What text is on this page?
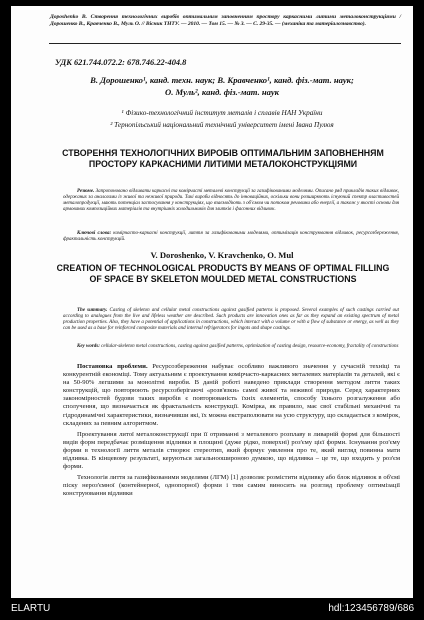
Дороshenko В. Створення технологічних виробів оптимальним заповненням простору каркасними литими металоконструкціями / Дорошенко В., Кравченко В., Муль О. // Вісник ТНТУ. — 2010. — Том 15. — № 3. — С. 29-35. — (механіка та матеріалознавство).
УДК 621.744.072.2: 678.746.22-404.8
В. Дорошенко¹, канд. техн. наук; В. Кравченко¹, канд. фіз.-мат. наук;
О. Муль², канд. фіз.-мат. наук
¹ Фізико-технологічний інститут металів і сплавів НАН України
² Тернопільський національний технічний університет імені Івана Пулюя
СТВОРЕННЯ ТЕХНОЛОГІЧНИХ ВИРОБІВ ОПТИМАЛЬНИМ ЗАПОВНЕННЯМ ПРОСТОРУ КАРКАСНИМИ ЛИТИМИ МЕТАЛОКОНСТРУКЦІЯМИ
Резюме. Запропоновано відливати каркасні та комірчасті металеві конструкції за газифікованими моделями. Описано ряд прикладів таких відливок, одержаних за аналогами із живої та неживої природи. Такі вироби відносять до інноваційних, оскільки вони розширюють існуючий спектр властивостей металопродукції, мають потенціал застосування у конструкціях, що взаємодіють з об'ємом чи потоком речовини або енергії, а також у якості основи для армованих композиційних матеріалів та внутрішніх холодильників для злитків і фасонних відливок.
Ключові слова: комірчасто-каркасні конструкції, лиття за газифікованими моделями, оптимізація конструювання відливок, ресурсозбереження, фрактальність конструкцій.
V. Doroshenko, V. Kravchenko, O. Mul
CREATION OF TECHNOLOGICAL PRODUCTS BY MEANS OF OPTIMAL FILLING OF SPACE BY SKELETON MOULDED METAL CONSTRUCTIONS
The summary. Casting of skeleton and cellular metal constructions against gasified patterns is proposed. Several examples of such castings carried out according to analogues from the live and lifeless weather are described. Such products are innovation ones as far as they expand an existing spectrum of metal production properties. Also, they have a potential of applications in constructions, which interact with a volume or with a flow of substance or energy, as well as they can be used as a base for reinforced composite materials and internal refrigerators for ingots and shape castings.
Key words: cellular-skeleton metal constructions, casting against gasified patterns, optimization of casting design, resource-economy, fractality of constructions

Постановка проблеми. Ресурсозбереження набуває особливо важливого значення у сучасній техніці та конкурентній економіці. Тому актуальним є проектування комірчасто-каркасних металевих матеріалів та деталей, які є на 50-90% легшими за монолітні вироби. В даній роботі наведено приклади створення методом лиття таких конструкцій, що повторюють ресурсозберігаючі «розв'язки» самої живої та неживої природи. Серед характерних закономірностей будови таких виробів є повторюваність їхніх елементів, способу їхнього розгалуження або сполучення, що визначається як фрактальність конструкції. Комірка, як правило, має свої стабільні механічні та гідродинамічні характеристики, визначивши які, їх можна екстраполювати на усю структуру, що складається з комірок, складених за певним алгоритмом.

Проектування литої металоконструкції при її отриманні з металевого розплаву в ливарній формі для більшості видів форм передбачає розміщення відливки в площині (дуже рідко, поверхні) роз'єму цієї форми. Існування роз'єму форми в технології лиття металів створює стереотип, який формує уявлення про те, який вигляд повинна мати відливка. В кінцевому результаті, керуються загальноошироною думкою, що відливка – це те, що входить у роз'єм форми.

Технологія лиття за газифікованими моделями (ЛГМ) [1] дозволяє розмістити відливку або блок відливок в об'ємі піску нероз'ємної (контейнерної, однопорної) форми і тим самим виносить на розгляд проблему оптимізації конструювання відливки

ELARTU	hdl:123456789/686
